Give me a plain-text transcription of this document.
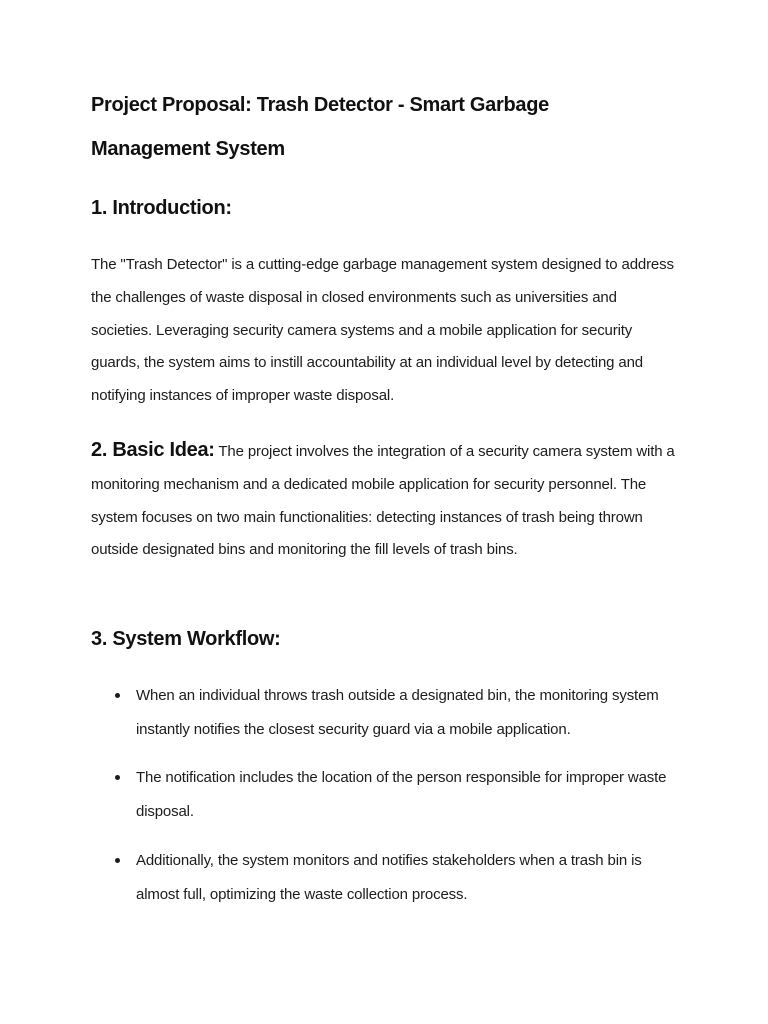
Project Proposal: Trash Detector - Smart Garbage
Management System
1. Introduction:

The "Trash Detector" is a cutting-edge garbage management system designed to address the challenges of waste disposal in closed environments such as universities and societies. Leveraging security camera systems and a mobile application for security guards, the system aims to instill accountability at an individual level by detecting and notifying instances of improper waste disposal.

2. Basic Idea: The project involves the integration of a security camera system with a monitoring mechanism and a dedicated mobile application for security personnel. The system focuses on two main functionalities: detecting instances of trash being thrown outside designated bins and monitoring the fill levels of trash bins.

3. System Workflow:
When an individual throws trash outside a designated bin, the monitoring system instantly notifies the closest security guard via a mobile application.
The notification includes the location of the person responsible for improper waste disposal.
Additionally, the system monitors and notifies stakeholders when a trash bin is almost full, optimizing the waste collection process.
